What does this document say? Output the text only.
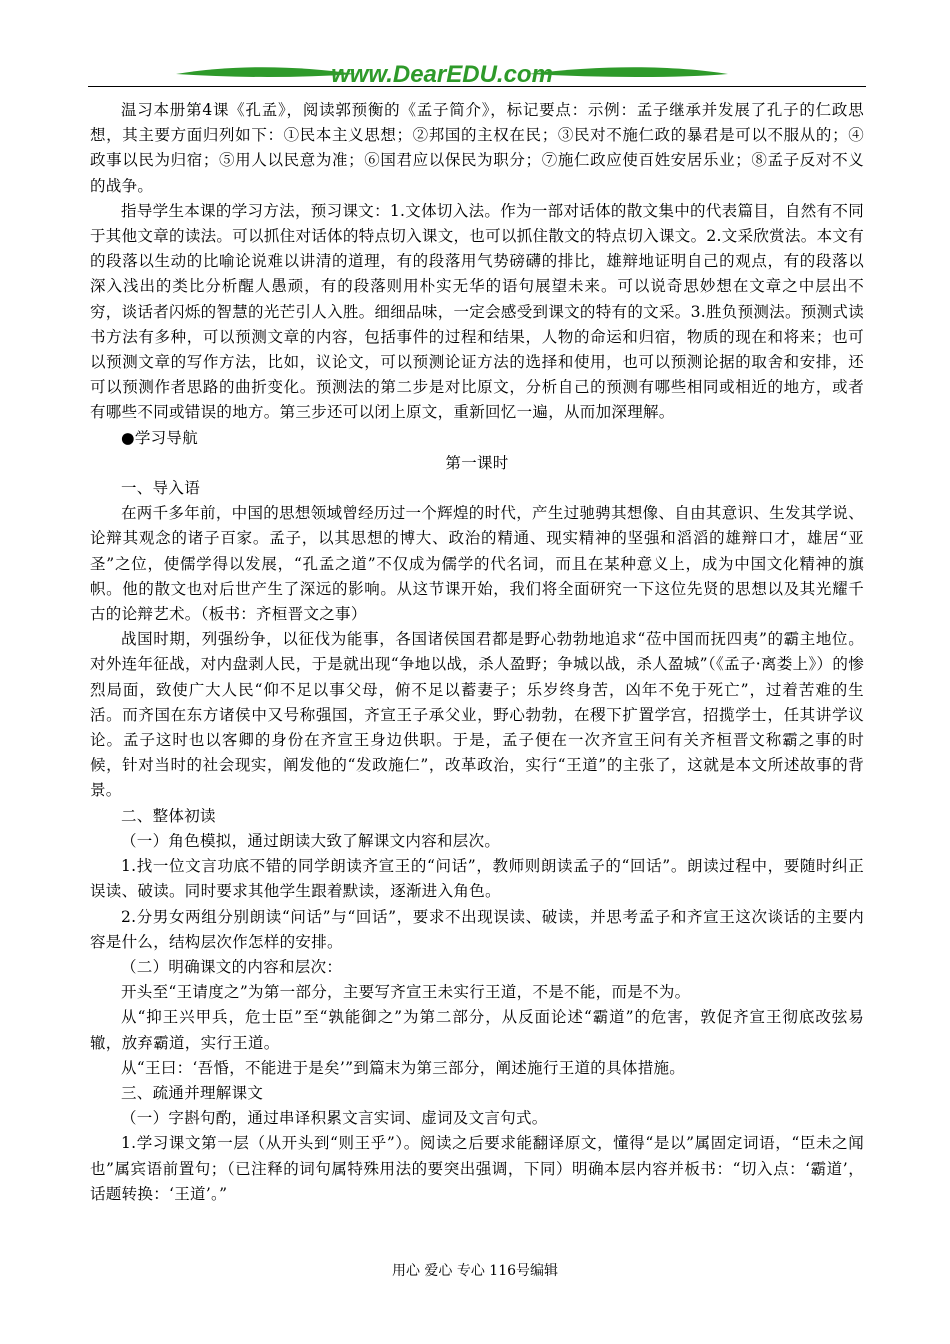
www.DearEDU.com

温习本册第4课《孔孟》，阅读郭预衡的《孟子简介》，标记要点：示例：孟子继承并发展了孔子的仁政思想，其主要方面归列如下：①民本主义思想；②邦国的主权在民；③民对不施仁政的暴君是可以不服从的；④政事以民为归宿；⑤用人以民意为准；⑥国君应以保民为职分；⑦施仁政应使百姓安居乐业；⑧孟子反对不义的战争。

指导学生本课的学习方法，预习课文：1.文体切入法。作为一部对话体的散文集中的代表篇目，自然有不同于其他文章的读法。可以抓住对话体的特点切入课文，也可以抓住散文的特点切入课文。2.文采欣赏法。本文有的段落以生动的比喻论说难以讲清的道理，有的段落用气势磅礴的排比，雄辩地证明自己的观点，有的段落以深入浅出的类比分析醒人愚顽，有的段落则用朴实无华的语句展望未来。可以说奇思妙想在文章之中层出不穷，谈话者闪烁的智慧的光芒引人入胜。细细品味，一定会感受到课文的特有的文采。3.胜负预测法。预测式读书方法有多种，可以预测文章的内容，包括事件的过程和结果，人物的命运和归宿，物质的现在和将来；也可以预测文章的写作方法，比如，议论文，可以预测论证方法的选择和使用，也可以预测论据的取舍和安排，还可以预测作者思路的曲折变化。预测法的第二步是对比原文，分析自己的预测有哪些相同或相近的地方，或者有哪些不同或错误的地方。第三步还可以闭上原文，重新回忆一遍，从而加深理解。

●学习导航

第一课时

一、导入语

在两千多年前，中国的思想领域曾经历过一个辉煌的时代，产生过驰骋其想像、自由其意识、生发其学说、论辩其观念的诸子百家。孟子，以其思想的博大、政治的精通、现实精神的坚强和滔滔的雄辩口才，雄居“亚圣”之位，使儒学得以发展，“孔孟之道”不仅成为儒学的代名词，而且在某种意义上，成为中国文化精神的旗帜。他的散文也对后世产生了深远的影响。从这节课开始，我们将全面研究一下这位先贤的思想以及其光耀千古的论辩艺术。（板书：齐桓晋文之事）

战国时期，列强纷争，以征伐为能事，各国诸侯国君都是野心勃勃地追求“莅中国而抚四夷”的霸主地位。对外连年征战，对内盘剥人民，于是就出现“争地以战，杀人盈野；争城以战，杀人盈城”（《孟子·离娄上》）的惨烈局面，致使广大人民“仰不足以事父母，俯不足以蓄妻子；乐岁终身苦，凶年不免于死亡”，过着苦难的生活。而齐国在东方诸侯中又号称强国，齐宣王子承父业，野心勃勃，在稷下扩置学宫，招揽学士，任其讲学议论。孟子这时也以客卿的身份在齐宣王身边供职。于是，孟子便在一次齐宣王问有关齐桓晋文称霸之事的时候，针对当时的社会现实，阐发他的“发政施仁”，改革政治，实行“王道”的主张了，这就是本文所述故事的背景。

二、整体初读

（一）角色模拟，通过朗读大致了解课文内容和层次。

1.找一位文言功底不错的同学朗读齐宣王的“问话”，教师则朗读孟子的“回话”。朗读过程中，要随时纠正误读、破读。同时要求其他学生跟着默读，逐渐进入角色。

2.分男女两组分别朗读“问话”与“回话”，要求不出现误读、破读，并思考孟子和齐宣王这次谈话的主要内容是什么，结构层次作怎样的安排。

（二）明确课文的内容和层次：

开头至“王请度之”为第一部分，主要写齐宣王未实行王道，不是不能，而是不为。

从“抑王兴甲兵，危士臣”至“孰能御之”为第二部分，从反面论述“霸道”的危害，敦促齐宣王彻底改弦易辙，放弃霸道，实行王道。

从“王曰：‘吾惛，不能进于是矣’”到篇末为第三部分，阐述施行王道的具体措施。

三、疏通并理解课文

（一）字斟句酌，通过串译积累文言实词、虚词及文言句式。

1.学习课文第一层（从开头到“则王乎”）。阅读之后要求能翻译原文，懂得“是以”属固定词语，“臣未之闻也”属宾语前置句；（已注释的词句属特殊用法的要突出强调，下同）明确本层内容并板书：“切入点：‘霸道’，话题转换：‘王道’。”

用心 爱心 专心 116号编辑
